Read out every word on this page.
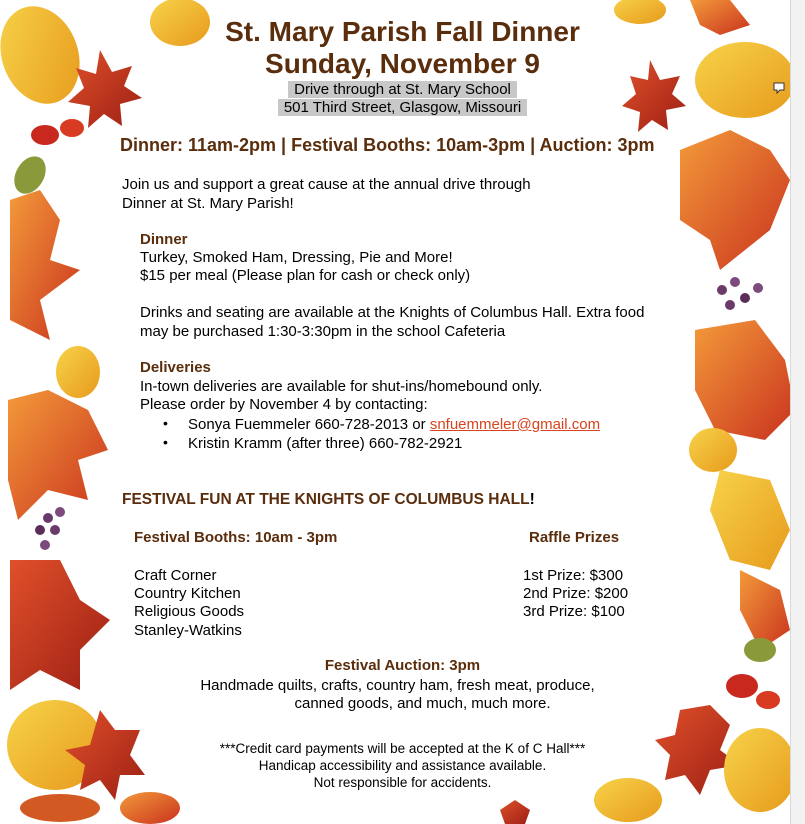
St. Mary Parish Fall Dinner
Sunday, November 9
Drive through at St. Mary School
501 Third Street, Glasgow, Missouri
Dinner: 11am-2pm | Festival Booths: 10am-3pm | Auction: 3pm
Join us and support a great cause at the annual drive through
Dinner at St. Mary Parish!
Dinner
Turkey, Smoked Ham, Dressing, Pie and More!
$15 per meal (Please plan for cash or check only)
Drinks and seating are available at the Knights of Columbus Hall. Extra food
may be purchased 1:30-3:30pm in the school Cafeteria
Deliveries
In-town deliveries are available for shut-ins/homebound only.
Please order by November 4 by contacting:
• Sonya Fuemmeler 660-728-2013 or snfuemmeler@gmail.com
• Kristin Kramm (after three) 660-782-2921
FESTIVAL FUN AT THE KNIGHTS OF COLUMBUS HALL!
Festival Booths: 10am - 3pm	Raffle Prizes
Craft Corner
Country Kitchen
Religious Goods
Stanley-Watkins
1st Prize: $300
2nd Prize: $200
3rd Prize: $100
Festival Auction: 3pm
Handmade quilts, crafts, country ham, fresh meat, produce,
canned goods, and much, much more.
***Credit card payments will be accepted at the K of C Hall***
Handicap accessibility and assistance available.
Not responsible for accidents.
